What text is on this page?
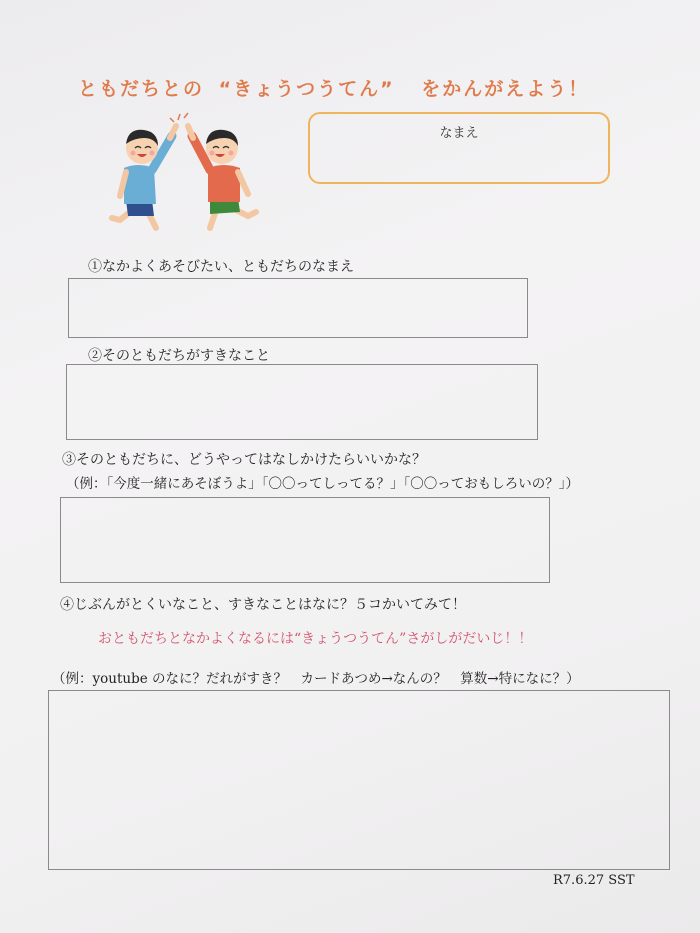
ともだちとの “きょうつうてん” をかんがえよう！
なまえ
①なかよくあそびたい、ともだちのなまえ
②そのともだちがすきなこと
③そのともだちに、どうやってはなしかけたらいいかな？
（例：「今度一緒にあそぼうよ」「〇〇ってしってる？」「〇〇っておもしろいの？」）
④じぶんがとくいなこと、すきなことはなに？５コかいてみて！
おともだちとなかよくなるには“きょうつうてん”さがしがだいじ！！
（例：youtube のなに？だれがすき？　カードあつめ→なんの？　算数→特になに？）
R7.6.27 SST
